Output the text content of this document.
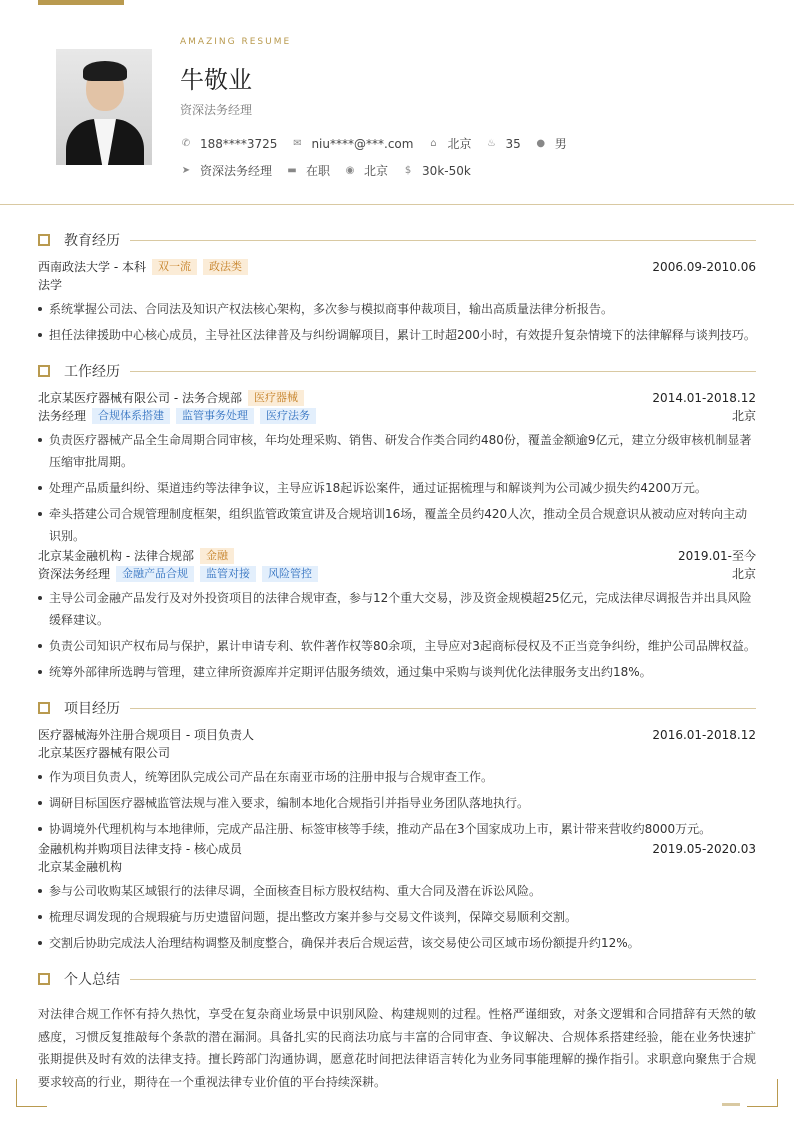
AMAZING RESUME
牛敬业
资深法务经理
✆ 188****3725 ✉ niu****@***.com ⌂ 北京 ♨ 35 ● 男
➤ 资深法务经理 ▬ 在职 ◉ 北京 $ 30k-50k
教育经历
西南政法大学 - 本科	双一流	政法类	2006.09-2010.06
法学
系统掌握公司法、合同法及知识产权法核心架构，多次参与模拟商事仲裁项目，输出高质量法律分析报告。
担任法律援助中心核心成员，主导社区法律普及与纠纷调解项目，累计工时超200小时，有效提升复杂情境下的法律解释与谈判技巧。
工作经历
北京某医疗器械有限公司 - 法务合规部	医疗器械	2014.01-2018.12
法务经理	合规体系搭建	监管事务处理	医疗法务	北京
负责医疗器械产品全生命周期合同审核，年均处理采购、销售、研发合作类合同约480份，覆盖金额逾9亿元，建立分级审核机制显著压缩审批周期。
处理产品质量纠纷、渠道违约等法律争议，主导应诉18起诉讼案件，通过证据梳理与和解谈判为公司减少损失约4200万元。
牵头搭建公司合规管理制度框架，组织监管政策宣讲及合规培训16场，覆盖全员约420人次，推动全员合规意识从被动应对转向主动识别。
北京某金融机构 - 法律合规部	金融	2019.01-至今
资深法务经理	金融产品合规	监管对接	风险管控	北京
主导公司金融产品发行及对外投资项目的法律合规审查，参与12个重大交易，涉及资金规模超25亿元，完成法律尽调报告并出具风险缓释建议。
负责公司知识产权布局与保护，累计申请专利、软件著作权等80余项，主导应对3起商标侵权及不正当竞争纠纷，维护公司品牌权益。
统筹外部律所选聘与管理，建立律所资源库并定期评估服务绩效，通过集中采购与谈判优化法律服务支出约18%。
项目经历
医疗器械海外注册合规项目 - 项目负责人	2016.01-2018.12
北京某医疗器械有限公司
作为项目负责人，统筹团队完成公司产品在东南亚市场的注册申报与合规审查工作。
调研目标国医疗器械监管法规与准入要求，编制本地化合规指引并指导业务团队落地执行。
协调境外代理机构与本地律师，完成产品注册、标签审核等手续，推动产品在3个国家成功上市，累计带来营收约8000万元。
金融机构并购项目法律支持 - 核心成员	2019.05-2020.03
北京某金融机构
参与公司收购某区域银行的法律尽调，全面核查目标方股权结构、重大合同及潜在诉讼风险。
梳理尽调发现的合规瑕疵与历史遗留问题，提出整改方案并参与交易文件谈判，保障交易顺利交割。
交割后协助完成法人治理结构调整及制度整合，确保并表后合规运营，该交易使公司区域市场份额提升约12%。
个人总结
对法律合规工作怀有持久热忱，享受在复杂商业场景中识别风险、构建规则的过程。性格严谨细致，对条文逻辑和合同措辞有天然的敏感度，习惯反复推敲每个条款的潜在漏洞。具备扎实的民商法功底与丰富的合同审查、争议解决、合规体系搭建经验，能在业务快速扩张期提供及时有效的法律支持。擅长跨部门沟通协调，愿意花时间把法律语言转化为业务同事能理解的操作指引。求职意向聚焦于合规要求较高的行业，期待在一个重视法律专业价值的平台持续深耕。
